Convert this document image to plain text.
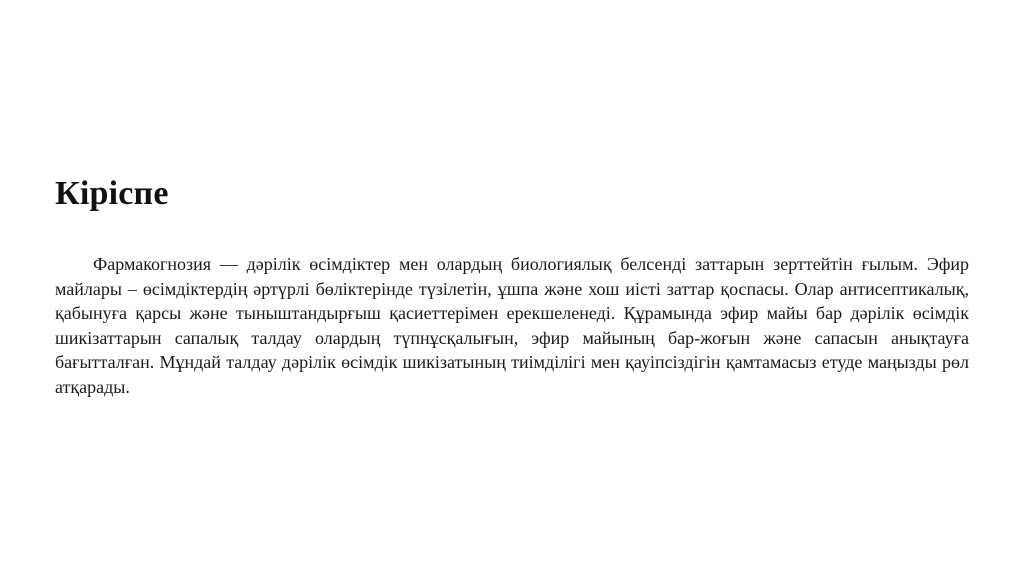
Кіріспе

Фармакогнозия — дәрілік өсімдіктер мен олардың биологиялық белсенді заттарын зерттейтін ғылым. Эфир майлары – өсімдіктердің әртүрлі бөліктерінде түзілетін, ұшпа және хош иісті заттар қоспасы. Олар антисептикалық, қабынуға қарсы және тыныштандырғыш қасиеттерімен ерекшеленеді. Құрамында эфир майы бар дәрілік өсімдік шикізаттарын сапалық талдау олардың түпнұсқалығын, эфир майының бар-жоғын және сапасын анықтауға бағытталған. Мұндай талдау дәрілік өсімдік шикізатының тиімділігі мен қауіпсіздігін қамтамасыз етуде маңызды рөл атқарады.
